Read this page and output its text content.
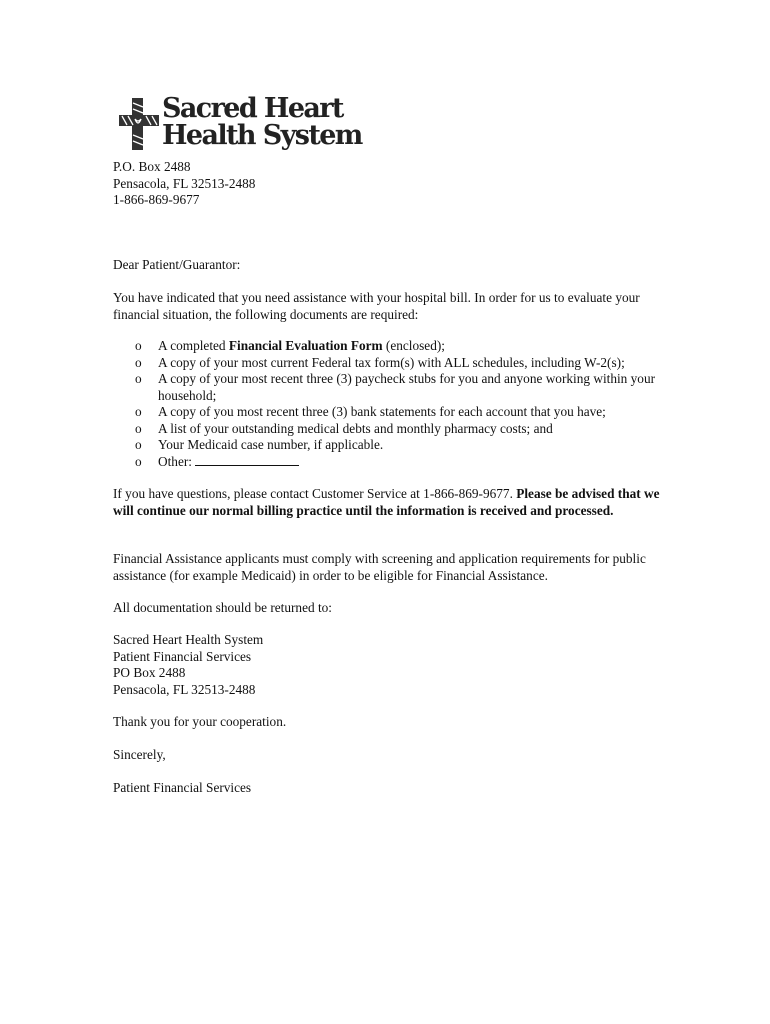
Sacred Heart
Health System
P.O. Box 2488
Pensacola, FL 32513-2488
1-866-869-9677

Dear Patient/Guarantor:

You have indicated that you need assistance with your hospital bill. In order for us to evaluate your financial situation, the following documents are required:

o	A completed Financial Evaluation Form (enclosed);
o	A copy of your most current Federal tax form(s) with ALL schedules, including W-2(s);
o	A copy of your most recent three (3) paycheck stubs for you and anyone working within your household;
o	A copy of you most recent three (3) bank statements for each account that you have;
o	A list of your outstanding medical debts and monthly pharmacy costs; and
o	Your Medicaid case number, if applicable.
o	Other:

If you have questions, please contact Customer Service at 1-866-869-9677. Please be advised that we will continue our normal billing practice until the information is received and processed.

Financial Assistance applicants must comply with screening and application requirements for public assistance (for example Medicaid) in order to be eligible for Financial Assistance.

All documentation should be returned to:

Sacred Heart Health System
Patient Financial Services
PO Box 2488
Pensacola, FL 32513-2488

Thank you for your cooperation.

Sincerely,

Patient Financial Services
